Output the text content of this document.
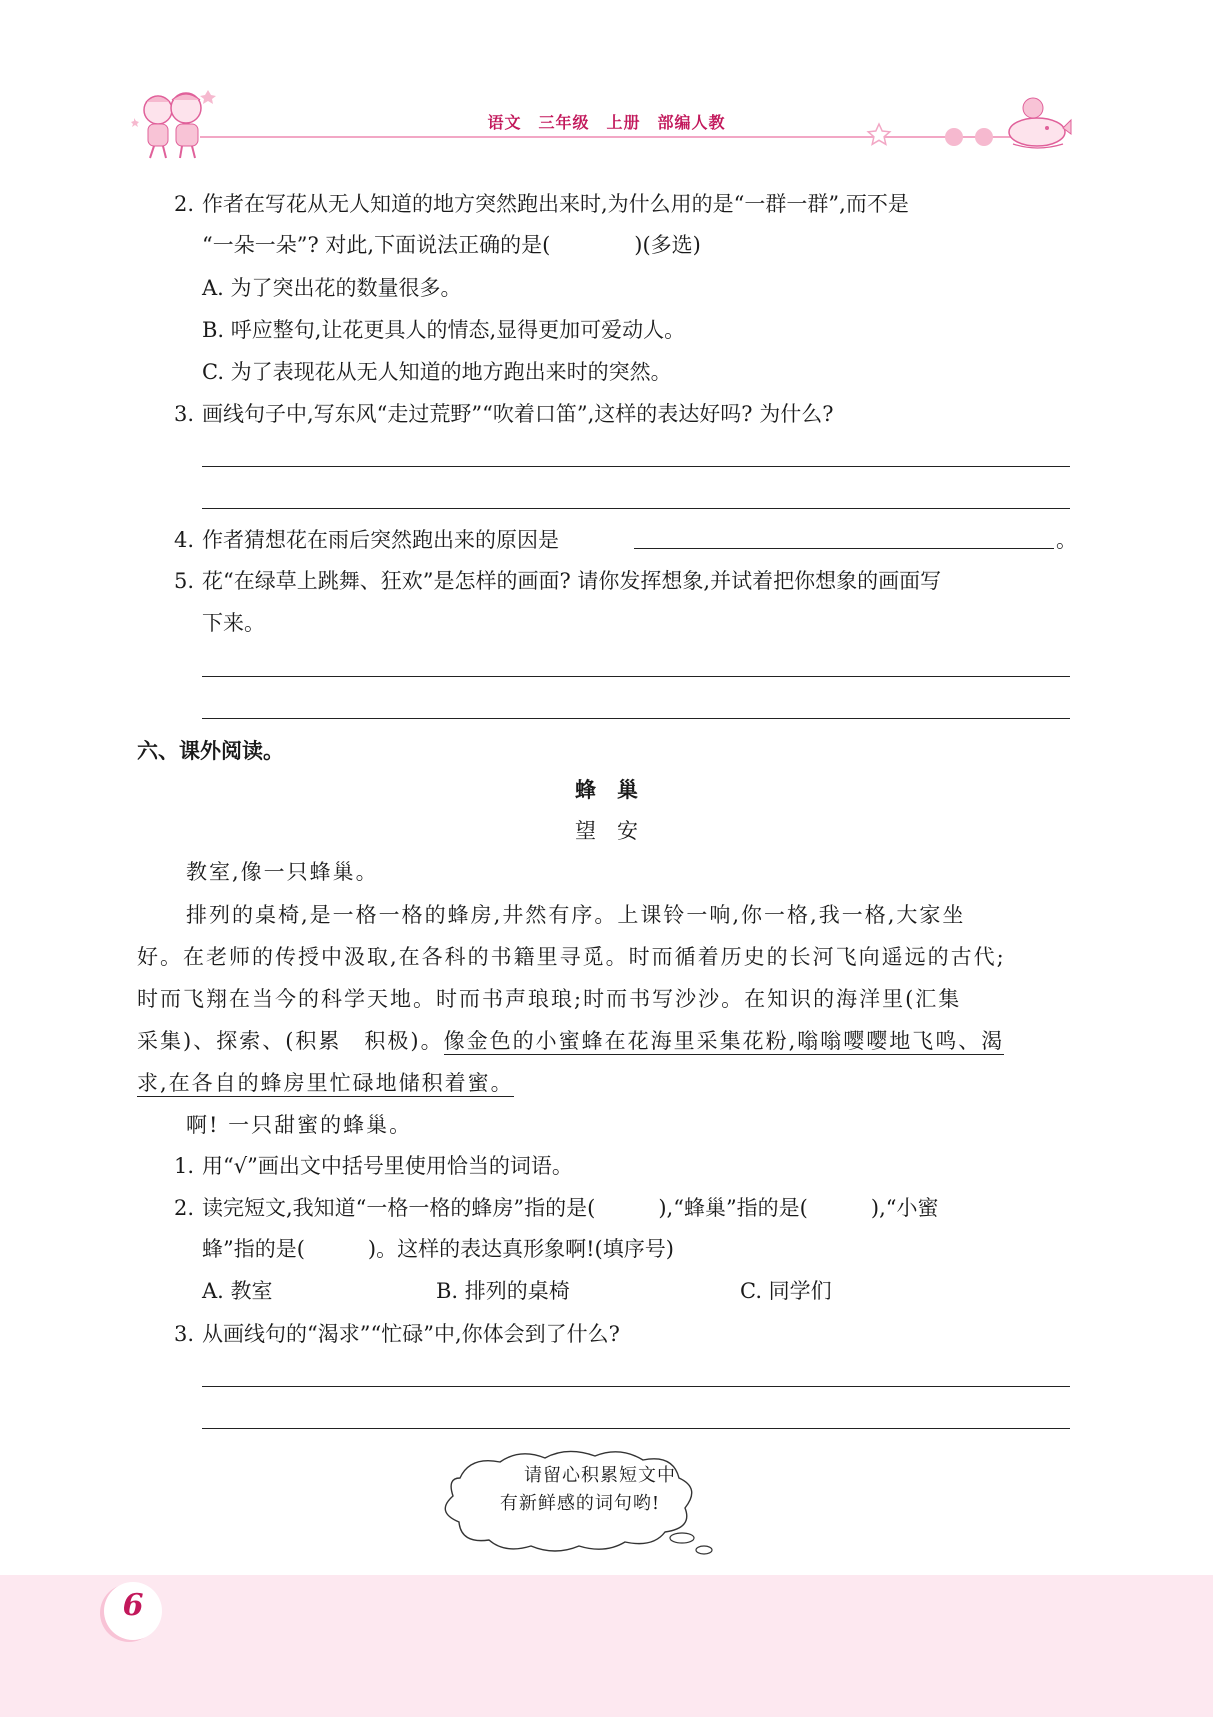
语文　三年级　上册　部编人教
2. 作者在写花从无人知道的地方突然跑出来时,为什么用的是“一群一群”,而不是
“一朵一朵”? 对此,下面说法正确的是(　　　　)(多选)
A. 为了突出花的数量很多。
B. 呼应整句,让花更具人的情态,显得更加可爱动人。
C. 为了表现花从无人知道的地方跑出来时的突然。
3. 画线句子中,写东风“走过荒野”“吹着口笛”,这样的表达好吗? 为什么?
4. 作者猜想花在雨后突然跑出来的原因是	。
5. 花“在绿草上跳舞、狂欢”是怎样的画面? 请你发挥想象,并试着把你想象的画面写
下来。
六、课外阅读。
蜂　巢
望　安
教室,像一只蜂巢。
排列的桌椅,是一格一格的蜂房,井然有序。上课铃一响,你一格,我一格,大家坐
好。在老师的传授中汲取,在各科的书籍里寻觅。时而循着历史的长河飞向遥远的古代;
时而飞翔在当今的科学天地。时而书声琅琅;时而书写沙沙。在知识的海洋里(汇集
采集)、探索、(积累　积极)。像金色的小蜜蜂在花海里采集花粉,嗡嗡嘤嘤地飞鸣、渴
求,在各自的蜂房里忙碌地储积着蜜。
啊! 一只甜蜜的蜂巢。
1. 用“√”画出文中括号里使用恰当的词语。
2. 读完短文,我知道“一格一格的蜂房”指的是(　　　),“蜂巢”指的是(　　　),“小蜜
蜂”指的是(　　　)。这样的表达真形象啊!(填序号)
A. 教室	B. 排列的桌椅	C. 同学们
3. 从画线句的“渴求”“忙碌”中,你体会到了什么?
请留心积累短文中
有新鲜感的词句哟!
6
